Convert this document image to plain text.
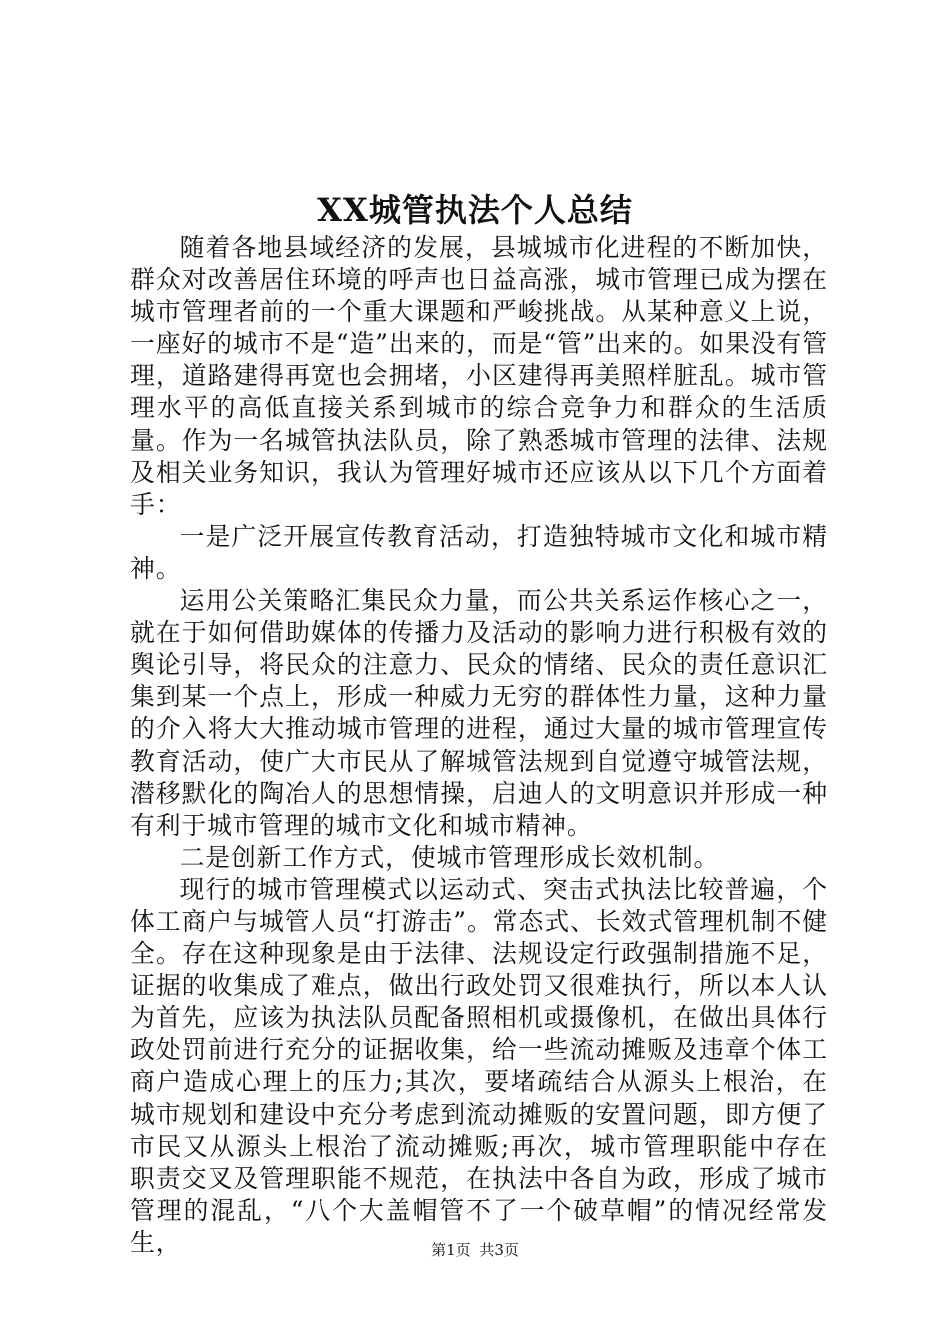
XX城管执法个人总结

随着各地县域经济的发展，县城城市化进程的不断加快，群众对改善居住环境的呼声也日益高涨，城市管理已成为摆在城市管理者前的一个重大课题和严峻挑战。从某种意义上说，一座好的城市不是“造”出来的，而是“管”出来的。如果没有管理，道路建得再宽也会拥堵，小区建得再美照样脏乱。城市管理水平的高低直接关系到城市的综合竞争力和群众的生活质量。作为一名城管执法队员，除了熟悉城市管理的法律、法规及相关业务知识，我认为管理好城市还应该从以下几个方面着手：

一是广泛开展宣传教育活动，打造独特城市文化和城市精神。

运用公关策略汇集民众力量，而公共关系运作核心之一，就在于如何借助媒体的传播力及活动的影响力进行积极有效的舆论引导，将民众的注意力、民众的情绪、民众的责任意识汇集到某一个点上，形成一种威力无穷的群体性力量，这种力量的介入将大大推动城市管理的进程，通过大量的城市管理宣传教育活动，使广大市民从了解城管法规到自觉遵守城管法规，潜移默化的陶冶人的思想情操，启迪人的文明意识并形成一种有利于城市管理的城市文化和城市精神。

二是创新工作方式，使城市管理形成长效机制。

现行的城市管理模式以运动式、突击式执法比较普遍，个体工商户与城管人员“打游击”。常态式、长效式管理机制不健全。存在这种现象是由于法律、法规设定行政强制措施不足，证据的收集成了难点，做出行政处罚又很难执行，所以本人认为首先，应该为执法队员配备照相机或摄像机，在做出具体行政处罚前进行充分的证据收集，给一些流动摊贩及违章个体工商户造成心理上的压力;其次，要堵疏结合从源头上根治，在城市规划和建设中充分考虑到流动摊贩的安置问题，即方便了市民又从源头上根治了流动摊贩;再次，城市管理职能中存在职责交叉及管理职能不规范，在执法中各自为政，形成了城市管理的混乱，“八个大盖帽管不了一个破草帽”的情况经常发生，	第1页 共3页
